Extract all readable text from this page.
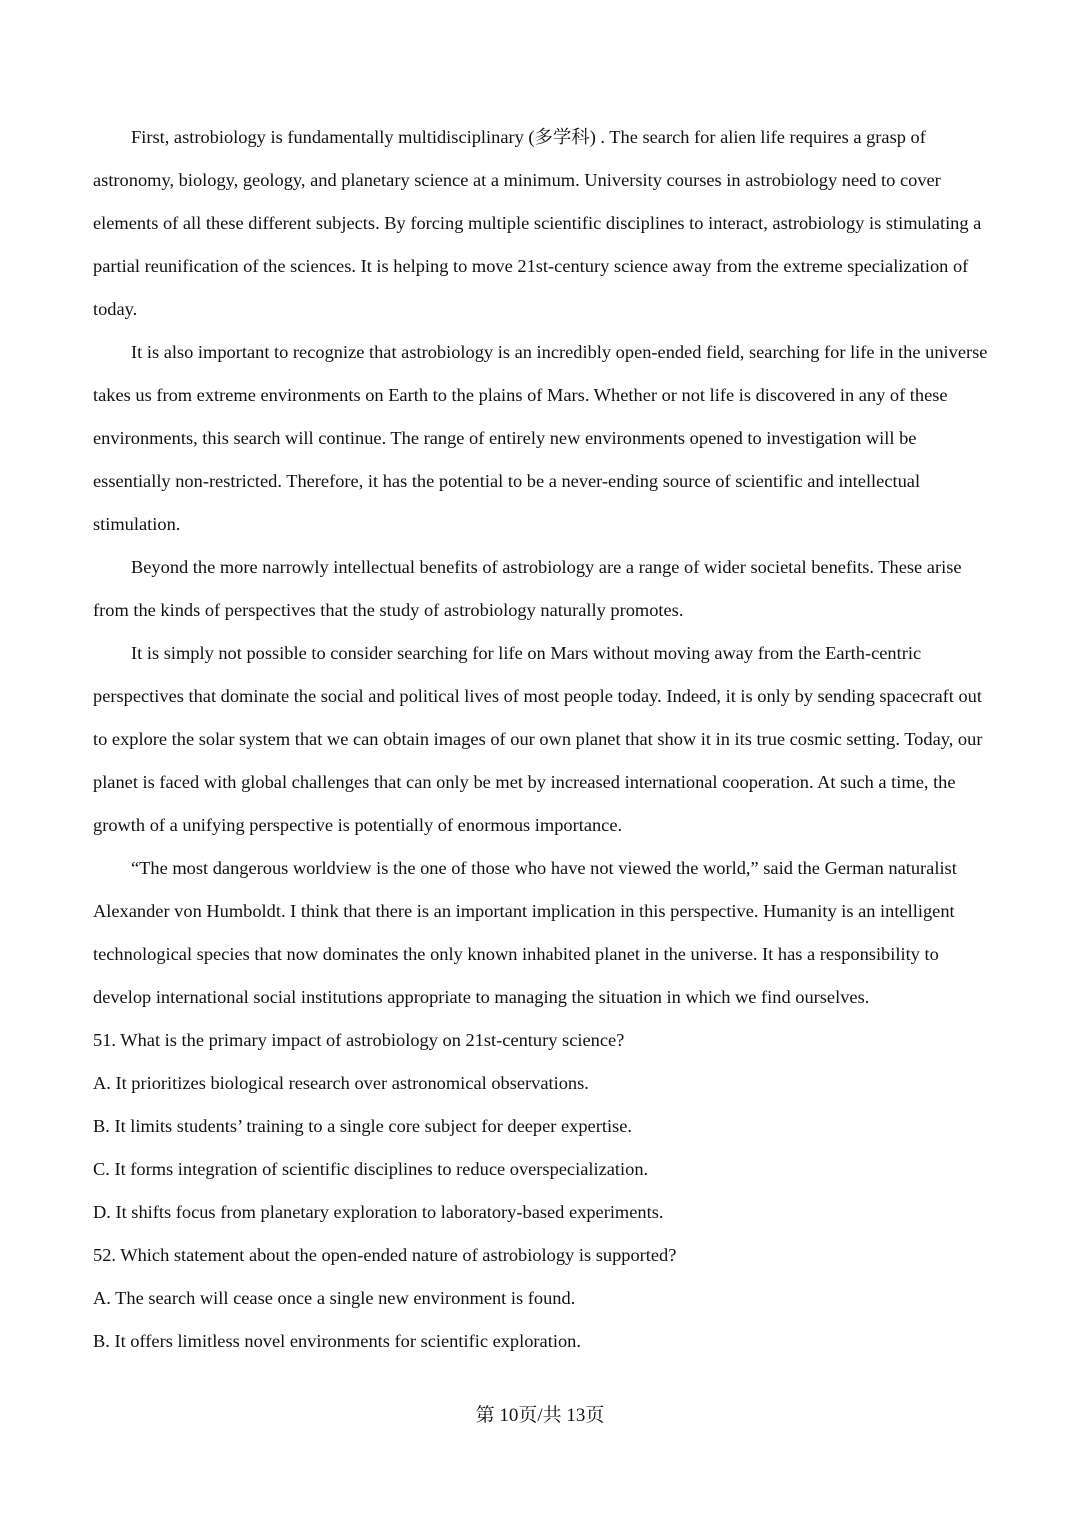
First, astrobiology is fundamentally multidisciplinary (多学科) . The search for alien life requires a grasp of astronomy, biology, geology, and planetary science at a minimum. University courses in astrobiology need to cover elements of all these different subjects. By forcing multiple scientific disciplines to interact, astrobiology is stimulating a partial reunification of the sciences. It is helping to move 21st-century science away from the extreme specialization of today.

It is also important to recognize that astrobiology is an incredibly open-ended field, searching for life in the universe takes us from extreme environments on Earth to the plains of Mars. Whether or not life is discovered in any of these environments, this search will continue. The range of entirely new environments opened to investigation will be essentially non-restricted. Therefore, it has the potential to be a never-ending source of scientific and intellectual stimulation.

Beyond the more narrowly intellectual benefits of astrobiology are a range of wider societal benefits. These arise from the kinds of perspectives that the study of astrobiology naturally promotes.

It is simply not possible to consider searching for life on Mars without moving away from the Earth-centric perspectives that dominate the social and political lives of most people today. Indeed, it is only by sending spacecraft out to explore the solar system that we can obtain images of our own planet that show it in its true cosmic setting. Today, our planet is faced with global challenges that can only be met by increased international cooperation. At such a time, the growth of a unifying perspective is potentially of enormous importance.

“The most dangerous worldview is the one of those who have not viewed the world,” said the German naturalist Alexander von Humboldt. I think that there is an important implication in this perspective. Humanity is an intelligent technological species that now dominates the only known inhabited planet in the universe. It has a responsibility to develop international social institutions appropriate to managing the situation in which we find ourselves.

51. What is the primary impact of astrobiology on 21st-century science?

A. It prioritizes biological research over astronomical observations.

B. It limits students’ training to a single core subject for deeper expertise.

C. It forms integration of scientific disciplines to reduce overspecialization.

D. It shifts focus from planetary exploration to laboratory-based experiments.

52. Which statement about the open-ended nature of astrobiology is supported?

A. The search will cease once a single new environment is found.

B. It offers limitless novel environments for scientific exploration.

第 10页/共 13页
